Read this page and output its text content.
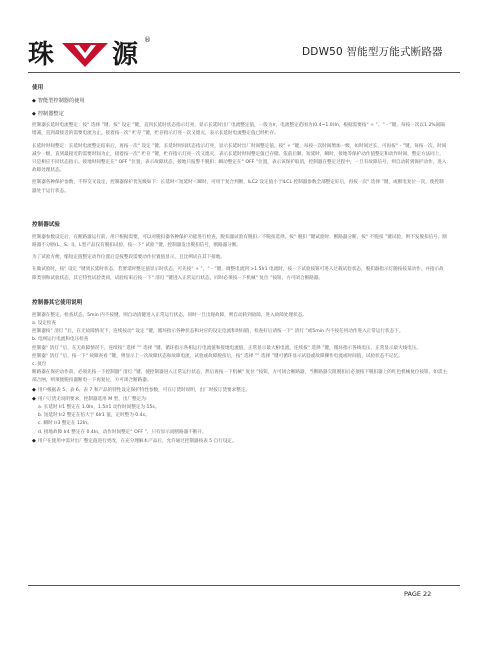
珠 源 ®
DDW50 智能型万能式断路器

使用

◆ 智能型控制器的使用

◆ 控制器整定

控制器长延时电流整定：按“ 选择 ”键，按“ 设定 ”键，直到长延时状态指示灯亮，显示长延时出厂电流整定值，一般为Ir，电流整定范围为(0.4~1.0)In，根据需要按“ + ”、“ - ”键，每按一次以1 2%间隔增减，直到最接近的需要电流为止。接着按一次“ 贮存 ”键，贮存指示灯亮一次又熄灭，表示长延时电流整定值已经贮存。

长延时时间整定：长延时电流整定结束后，再按一次“ 设定 ”键，长延时时间状态指示灯亮，显示长延时出厂时间整定值，按“ + ”键，每按一次时间增加一级，如时间过长，可再按“ - ”键，每按一次，时间减少一级，直到最接近的需要时间为止，接着按一次“ 贮存 ”键，贮存指示灯亮一次又熄灭，表示长延时时间整定值已存储。依前后顺，短延时，瞬时，接地等保护动作值整定和动作时间，整定方法同上，只是相应不同状态指示。接地时间整定在“ OFF ”位置，表示故障状态，接地只报警不脱扣；瞬动整定在“ OFF ”位置，表示该保护取消，控制器在整定过程中，一旦有故障信号，则自动转到保护动作，进入故障处理状态。

控制器各种保护参数，不得交叉设定，控制器保护优先级如下：长延时＜短延时＜瞬时，可用于复合判断，ILC2 设定值小于ILCL 控制器参数全部整定好后，再按一次“ 选择 ”键，或断电复位一次，使控制器处于运行状态。

控制器试验

控制器参数设定后，在断路器运行前，用户根据需要，可以对脱扣器各种保护功能进行检查，脱扣器试验有脱扣／不脱扣选择，按“ 脱扣 ”键试验时，断路器分断，按“ 不脱扣 ”键试验，则不发脱扣信号，断路器不分断(L、S、I)。L型产品仅有脱扣试验，按一下“ 试验 ”键，控制器发出脱扣信号，断路器分断。

为了试验方便，缩短定值整定动作位置后是按整段需要动作位置值显示，且比例试在其下接地。

在做试验时，按“ 设定 ”键到长延时状态，若要延时整定值显示时状态，可先按“ + ”、“ - ”键，调整电流到 >1.5Ir1 电流时，按一下试验按钮可进入过载试验状态，脱扣器指示灯随按按某动作，并指示故障类别和试验状态，其它特性试验类同，试验结束后按一下“ 清灯 ”键进入正常运行状态，同时必须按一下机械“ 复位 ”按钮，方可闭合断路器。

控制器其它使用说明

控制器在整定、检查状态，5min 内不按键，则自动清键进入正常运行状态，同时一旦出现故障，则自动转到故障，进入故障处理状态。

a. 设定检查

控制器按“ 清灯 ”后，在无故障情况下，连续按动“ 设定 ”键，循环指示各种状态和对应的设定电流和时间值，检查好后请按一下“ 清灯 ”或5min 内不按任何动作进入正常运行状态下。

b. 电网运行电流和电压检查

控制器“ 清灯 ”后，在无故障情况下，连续按“ 选择 ”“ 选择 ”键，循环指示各相运行电流值和接地电流值，正常显示最大相电流，连续按“ 选择 ”键，循环指示各线电压，正常显示最大线电压。

控制器“ 清灯 ”后，按一下“ 故障查看 ”键，则显示上一次故障状态和故障电流，试验或故障脱扣后，按“ 选择 ”“ 选择 ”键可循环显示试验或故障操作电流或时间值，试验状态不记忆。

c. 复位

断路器在保护动作前，必须先按一下控制器“ 清灯 ”键，使控制器进入正常运行状态，然后再按一下机械“ 复位 ”按钮，方可闭合断路器，当断路器欠阻脱扣后必须按下脱扣器上的红色机械复位按钮，如需主部合闸，则须使脱扣器断电一下再复位，方可闭合断路器。

◆ 用户根据表 5、表 6、表 7 和产品的特性设定保护特性参数，可在订货时说明，出厂时按订货要求整定。

◆ 用户订货无说明要求，控制器选用 M 型，出厂整定为：

a. 长延时 Ir1 整定在 1.0In，1.5Ir1 动作时间整定为 15s。

b. 短延时 Ir2 整定在倍大于 6Ir1 值，定时整为 0.4s。

c. 瞬时 Ir3 整定在 12In。

d. 接地故障 Ir4 整定在 0.4In，动作时间整定“ OFF ”，只有显示而断路器不断开。

◆ 用户在使用中需对出厂整定值进行更改，在充分理解本产品后，允许通过控制器按表 5 自行设定。

PAGE 22
